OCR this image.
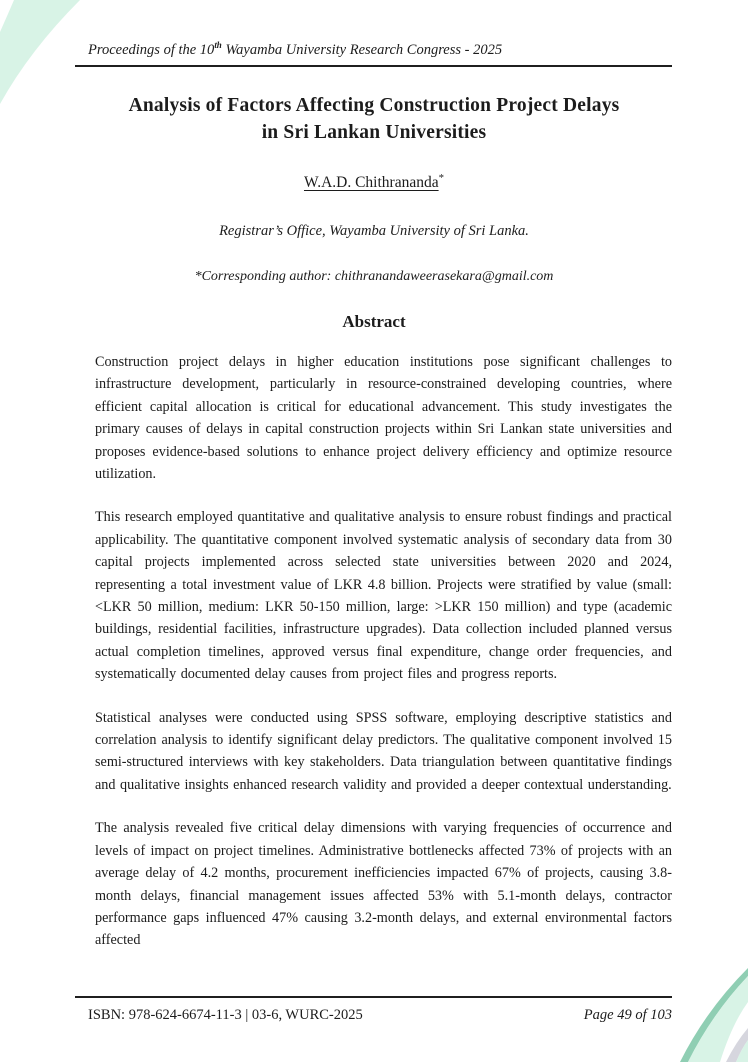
Proceedings of the 10th Wayamba University Research Congress - 2025
Analysis of Factors Affecting Construction Project Delays
in Sri Lankan Universities
W.A.D. Chithrananda*
Registrar’s Office, Wayamba University of Sri Lanka.
*Corresponding author: chithranandaweerasekara@gmail.com
Abstract

Construction project delays in higher education institutions pose significant challenges to infrastructure development, particularly in resource-constrained developing countries, where efficient capital allocation is critical for educational advancement. This study investigates the primary causes of delays in capital construction projects within Sri Lankan state universities and proposes evidence-based solutions to enhance project delivery efficiency and optimize resource utilization.

This research employed quantitative and qualitative analysis to ensure robust findings and practical applicability. The quantitative component involved systematic analysis of secondary data from 30 capital projects implemented across selected state universities between 2020 and 2024, representing a total investment value of LKR 4.8 billion. Projects were stratified by value (small: <LKR 50 million, medium: LKR 50-150 million, large: >LKR 150 million) and type (academic buildings, residential facilities, infrastructure upgrades). Data collection included planned versus actual completion timelines, approved versus final expenditure, change order frequencies, and systematically documented delay causes from project files and progress reports.

Statistical analyses were conducted using SPSS software, employing descriptive statistics and correlation analysis to identify significant delay predictors. The qualitative component involved 15 semi-structured interviews with key stakeholders. Data triangulation between quantitative findings and qualitative insights enhanced research validity and provided a deeper contextual understanding.

The analysis revealed five critical delay dimensions with varying frequencies of occurrence and levels of impact on project timelines. Administrative bottlenecks affected 73% of projects with an average delay of 4.2 months, procurement inefficiencies impacted 67% of projects, causing 3.8-month delays, financial management issues affected 53% with 5.1-month delays, contractor performance gaps influenced 47% causing 3.2-month delays, and external environmental factors affected

ISBN: 978-624-6674-11-3 | 03-6, WURC-2025	Page 49 of 103
